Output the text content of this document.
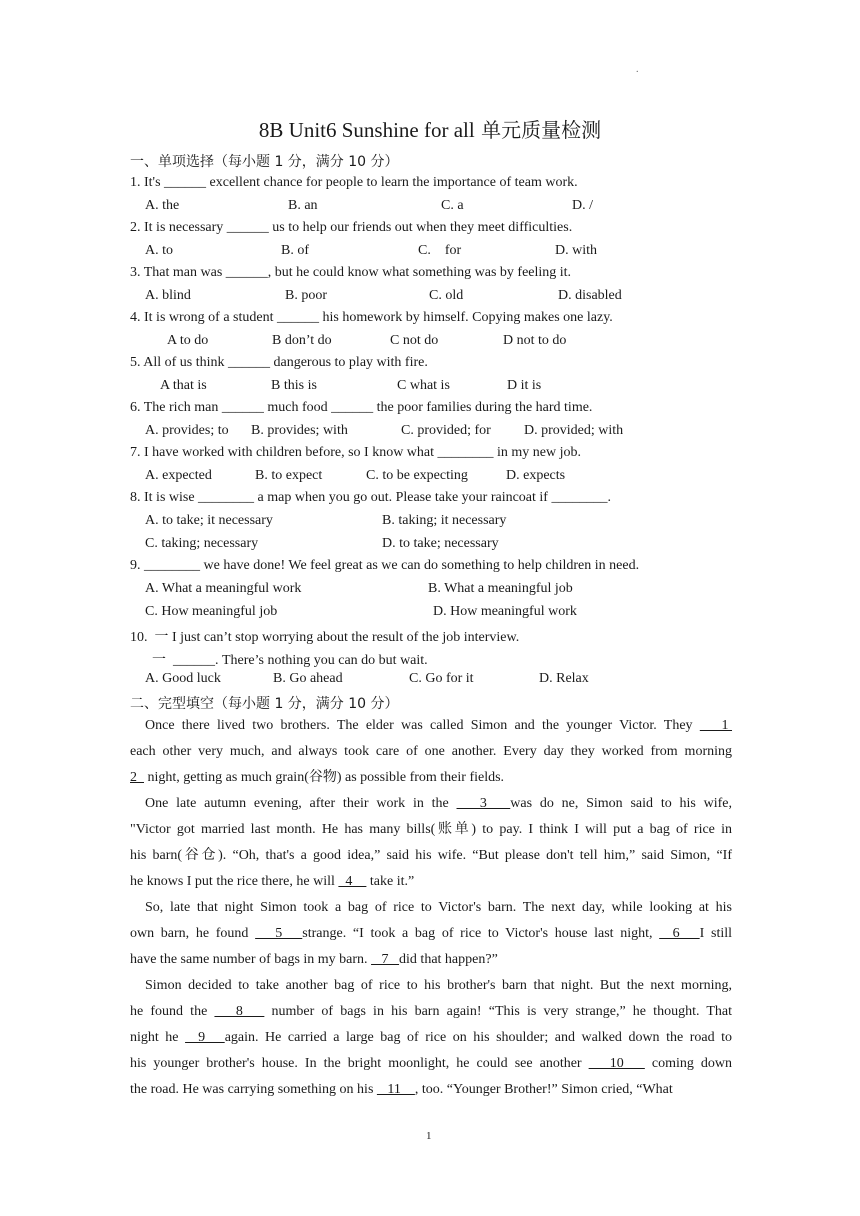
.
8B Unit6 Sunshine for all 单元质量检测
一、单项选择（每小题 1 分，满分 10 分）
1. It's ______ excellent chance for people to learn the importance of team work.
A. the	B. an	C. a	D. /
2. It is necessary ______ us to help our friends out when they meet difficulties.
A. to	B. of	C.    for	D. with
3. That man was ______, but he could know what something was by feeling it.
A. blind	B. poor	C. old	D. disabled
4. It is wrong of a student ______ his homework by himself. Copying makes one lazy.
A to do	B don’t do	C not do	D not to do
5. All of us think ______ dangerous to play with fire.
A that is	B this is	C what is	D it is
6. The rich man ______ much food ______ the poor families during the hard time.
A. provides; to B. provides; with	C. provided; for D. provided; with
7. I have worked with children before, so I know what ________ in my new job.
A. expected	B. to expect	C. to be expecting	D. expects
8. It is wise ________ a map when you go out. Please take your raincoat if ________.
A. to take; it necessary	B. taking; it necessary
C. taking; necessary	D. to take; necessary
9. ________ we have done! We feel great as we can do something to help children in need.
A. What a meaningful work	B. What a meaningful job
C. How meaningful job	D. How meaningful work
10.  一 I just can’t stop worrying about the result of the job interview.
一  ______. There’s nothing you can do but wait.
A. Good luck	B. Go ahead	C. Go for it	D. Relax
二、完型填空（每小题 1 分，满分 10 分）
Once there lived two brothers. The elder was called Simon and the younger Victor. They    1
each other very much, and always took care of one another. Every day they worked from morning
2   night, getting as much grain(谷物) as possible from their fields.
One late autumn evening, after their work in the    3   was do ne, Simon said to his wife,
"Victor got married last month. He has many bills(账单) to pay. I think I will put a bag of rice in
his barn(谷仓). “Oh, that's a good idea,” said his wife. “But please don't tell him,” said Simon, “If
he knows I put the rice there, he will   4     take it.”
So, late that night Simon took a bag of rice to Victor's barn. The next day, while looking at his
own barn, he found    5   strange. “I took a bag of rice to Victor's house last night,   6   I still
have the same number of bags in my barn.    7   did that happen?”
Simon decided to take another bag of rice to his brother's barn that night. But the next morning,
he found the    8    number of bags in his barn again! “This is very strange,” he thought. That
night he   9   again. He carried a large bag of rice on his shoulder; and walked down the road to
his younger brother's house. In the bright moonlight, he could see another    10    coming down
the road. He was carrying something on his    11    , too. “Younger Brother!” Simon cried, “What
1
